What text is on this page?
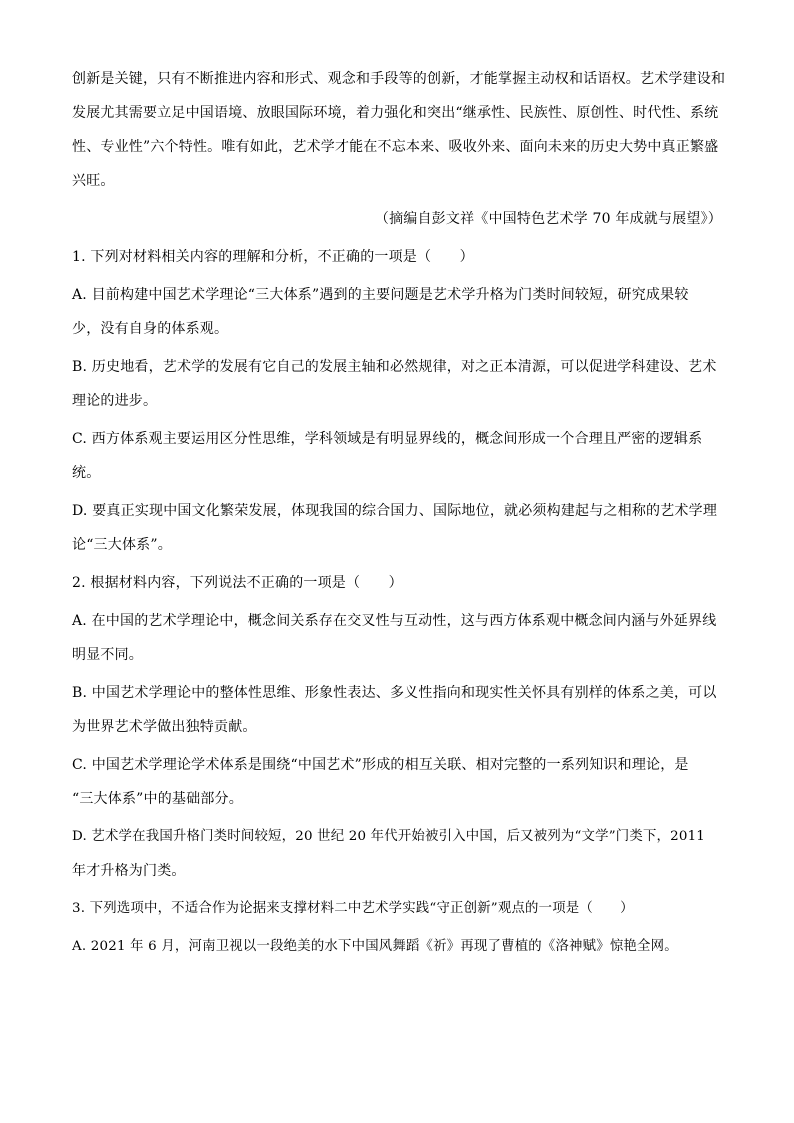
创新是关键，只有不断推进内容和形式、观念和手段等的创新，才能掌握主动权和话语权。艺术学建设和
发展尤其需要立足中国语境、放眼国际环境，着力强化和突出“继承性、民族性、原创性、时代性、系统
性、专业性”六个特性。唯有如此，艺术学才能在不忘本来、吸收外来、面向未来的历史大势中真正繁盛
兴旺。
（摘编自彭文祥《中国特色艺术学 70 年成就与展望》）
1. 下列对材料相关内容的理解和分析，不正确的一项是（　　）
A. 目前构建中国艺术学理论“三大体系”遇到的主要问题是艺术学升格为门类时间较短，研究成果较
少，没有自身的体系观。
B. 历史地看，艺术学的发展有它自己的发展主轴和必然规律，对之正本清源，可以促进学科建设、艺术
理论的进步。
C. 西方体系观主要运用区分性思维，学科领域是有明显界线的，概念间形成一个合理且严密的逻辑系
统。
D. 要真正实现中国文化繁荣发展，体现我国的综合国力、国际地位，就必须构建起与之相称的艺术学理
论“三大体系”。
2. 根据材料内容，下列说法不正确的一项是（　　）
A. 在中国的艺术学理论中，概念间关系存在交叉性与互动性，这与西方体系观中概念间内涵与外延界线
明显不同。
B. 中国艺术学理论中的整体性思维、形象性表达、多义性指向和现实性关怀具有别样的体系之美，可以
为世界艺术学做出独特贡献。
C. 中国艺术学理论学术体系是围绕“中国艺术”形成的相互关联、相对完整的一系列知识和理论，是
“三大体系”中的基础部分。
D. 艺术学在我国升格门类时间较短，20 世纪 20 年代开始被引入中国，后又被列为“文学”门类下，2011
年才升格为门类。
3. 下列选项中，不适合作为论据来支撑材料二中艺术学实践“守正创新”观点的一项是（　　）
A. 2021 年 6 月，河南卫视以一段绝美的水下中国风舞蹈《祈》再现了曹植的《洛神赋》惊艳全网。
